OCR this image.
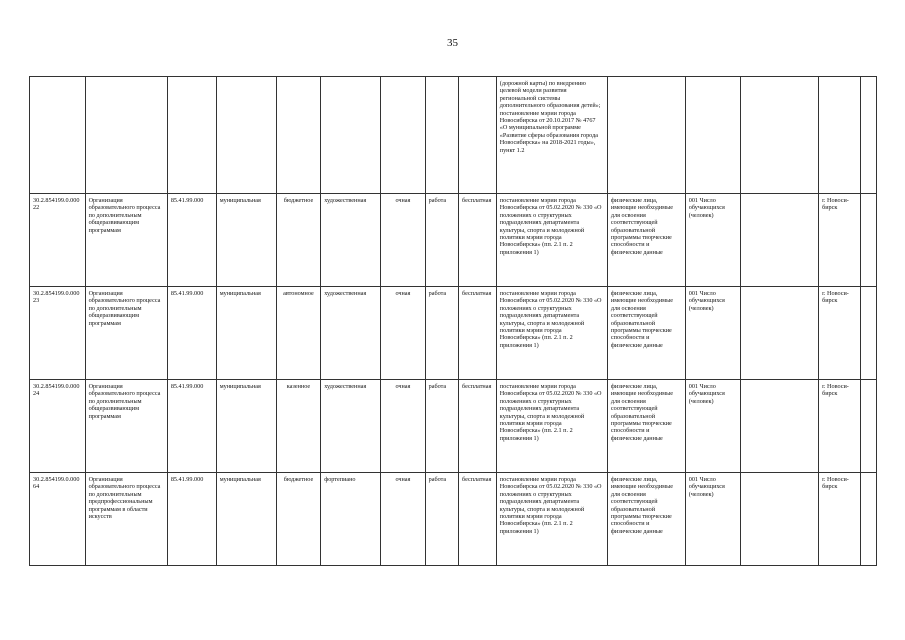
35
									(дорожной карты) по внедрению целевой модели развития региональной системы дополнительного образования детей»; постановление мэрии города Новосибирска от 20.10.2017 № 4767 «О муниципальной программе «Развитие сферы образования города Новосибирска» на 2018-2021 годы», пункт 1.2					
30.2.854199.0.00022	Организация образовательного процесса по дополнительным общеразвивающим программам	85.41.99.000	муниципальная	бюджетное	художественная	очная	работа	бесплатная	постановление мэрии города Новосибирска от 05.02.2020 № 330 «О положениях о структурных подразделениях департамента культуры, спорта и молодежной политики мэрии города Новосибирска» (пп. 2.1 п. 2 приложения 1)	физические лица, имеющие необходимые для освоения соответствующей образовательной программы творческие способности и физические данные	001 Число обучающихся (человек)		г. Новоси-бирск	
30.2.854199.0.00023	Организация образовательного процесса по дополнительным общеразвивающим программам	85.41.99.000	муниципальная	автономное	художественная	очная	работа	бесплатная	постановление мэрии города Новосибирска от 05.02.2020 № 330 «О положениях о структурных подразделениях департамента культуры, спорта и молодежной политики мэрии города Новосибирска» (пп. 2.1 п. 2 приложения 1)	физические лица, имеющие необходимые для освоения соответствующей образовательной программы творческие способности и физические данные	001 Число обучающихся (человек)		г. Новоси-бирск	
30.2.854199.0.00024	Организация образовательного процесса по дополнительным общеразвивающим программам	85.41.99.000	муниципальная	казенное	художественная	очная	работа	бесплатная	постановление мэрии города Новосибирска от 05.02.2020 № 330 «О положениях о структурных подразделениях департамента культуры, спорта и молодежной политики мэрии города Новосибирска» (пп. 2.1 п. 2 приложения 1)	физические лица, имеющие необходимые для освоения соответствующей образовательной программы творческие способности и физические данные	001 Число обучающихся (человек)		г. Новоси-бирск	
30.2.854199.0.00064	Организация образовательного процесса по дополнительным предпрофессиональным программам в области искусств	85.41.99.000	муниципальная	бюджетное	фортепиано	очная	работа	бесплатная	постановление мэрии города Новосибирска от 05.02.2020 № 330 «О положениях о структурных подразделениях департамента культуры, спорта и молодежной политики мэрии города Новосибирска» (пп. 2.1 п. 2 приложения 1)	физические лица, имеющие необходимые для освоения соответствующей образовательной программы творческие способности и физические данные	001 Число обучающихся (человек)		г. Новоси-бирск	
